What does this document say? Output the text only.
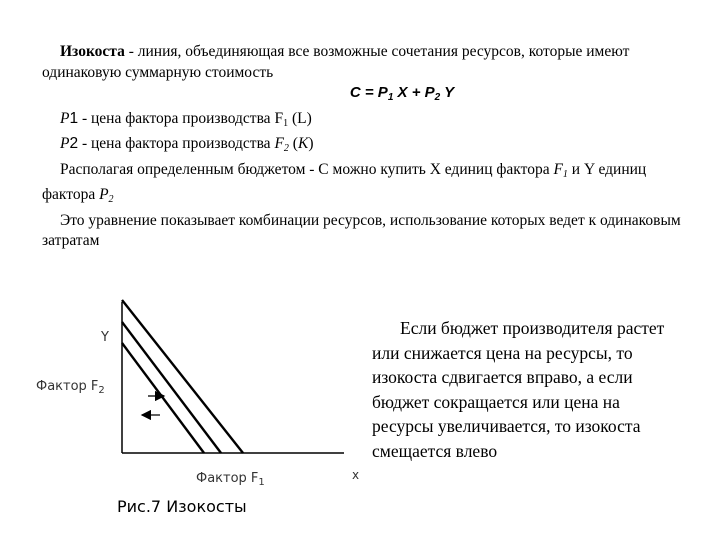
Изокоста - линия, объединяющая все возможные сочетания ресурсов, которые имеют одинаковую суммарную стоимость

$C = P_1$ $X + P_2$ Y

P1 - цена фактора производства $F_1$ (L)

P2 - цена фактора производства $F_2$ (K)

Располагая определенным бюджетом - С можно купить X единиц фактора $F_1$ и Y единиц фактора $P_2$

Это уравнение показывает комбинации ресурсов, использование которых ведет к одинаковым затратам

Y
Фактор $F_2$
Фактор $F_1$
x
Рис.7 Изокосты

Если бюджет производителя растет или снижается цена на ресурсы, то изокоста сдвигается вправо, а если бюджет сокращается или цена на ресурсы увеличивается, то изокоста смещается влево
